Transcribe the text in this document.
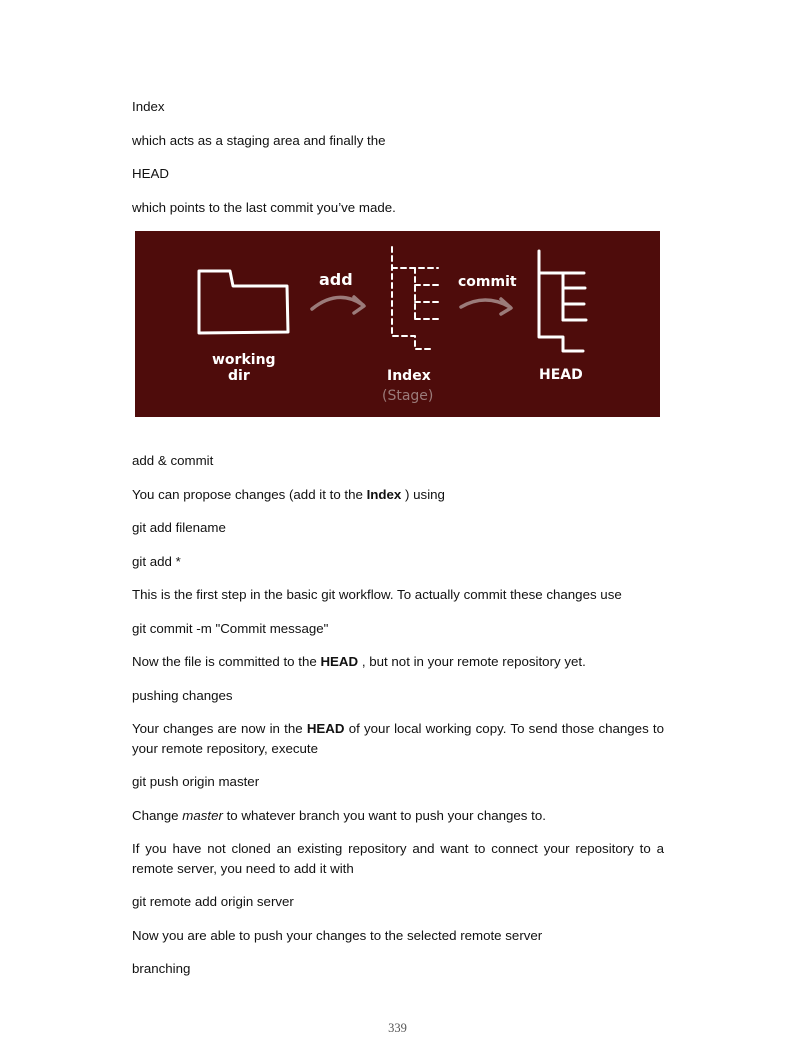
Index

which acts as a staging area and finally the

HEAD

which points to the last commit you’ve made.

add	commit
working
dir	Index	HEAD
(Stage)

add & commit

You can propose changes (add it to the Index ) using

git add filename

git add *

This is the first step in the basic git workflow. To actually commit these changes use

git commit -m "Commit message"

Now the file is committed to the HEAD , but not in your remote repository yet.

pushing changes

Your changes are now in the HEAD of your local working copy. To send those changes to your remote repository, execute

git push origin master

Change master to whatever branch you want to push your changes to.

If you have not cloned an existing repository and want to connect your repository to a remote server, you need to add it with

git remote add origin server

Now you are able to push your changes to the selected remote server

branching

339
